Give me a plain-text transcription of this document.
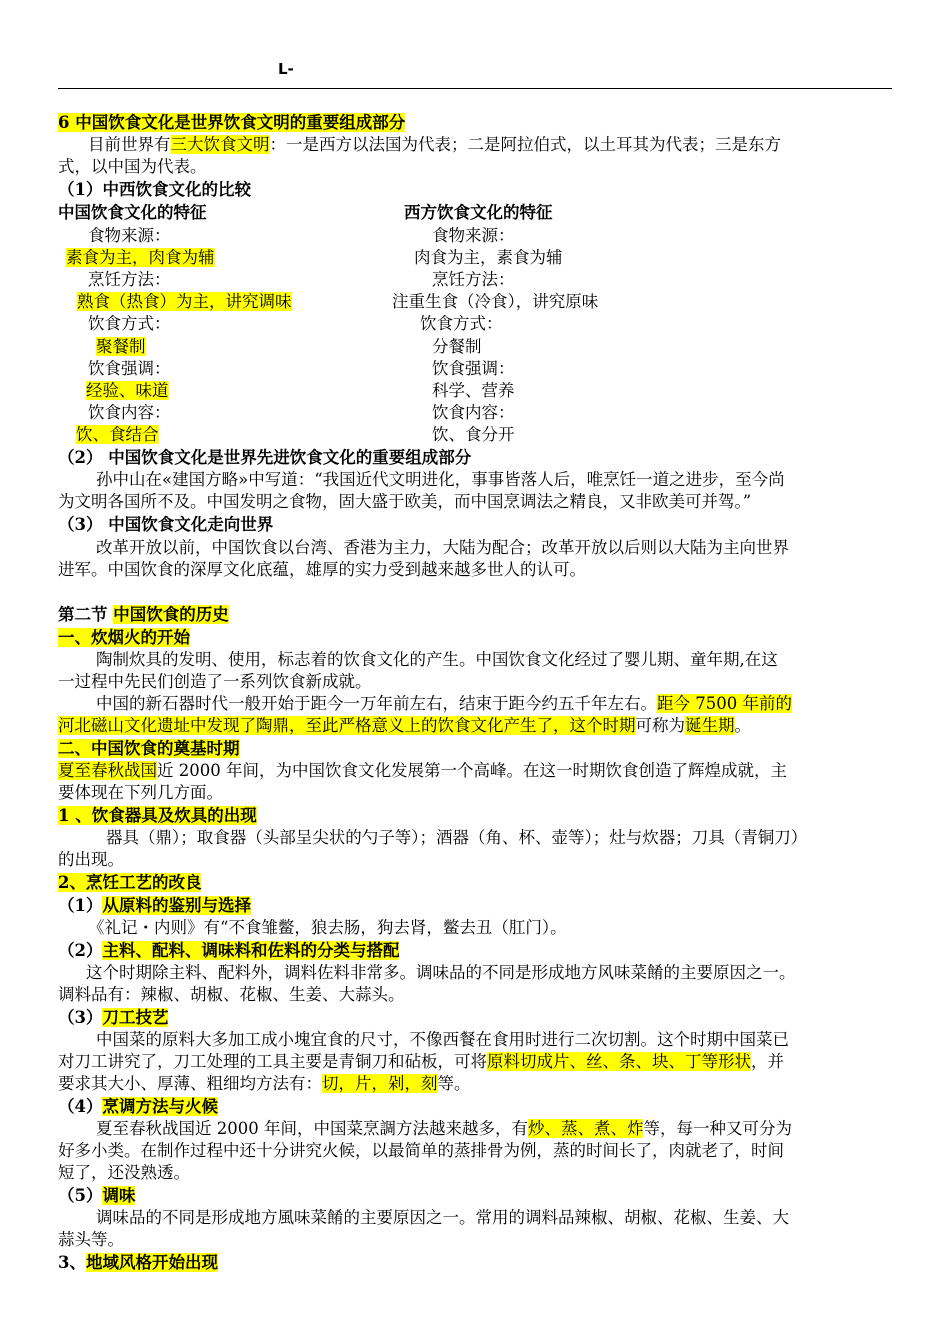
L-
6 中国饮食文化是世界饮食文明的重要组成部分
目前世界有三大饮食文明：一是西方以法国为代表；二是阿拉伯式，以土耳其为代表；三是东方
式，以中国为代表。
（1）中西饮食文化的比较
中国饮食文化的特征	西方饮食文化的特征
食物来源：	食物来源：
素食为主，肉食为辅	肉食为主，素食为辅
烹饪方法：	烹饪方法：
熟食（热食）为主，讲究调味	注重生食（冷食），讲究原味
饮食方式：	饮食方式：
聚餐制	分餐制
饮食强调：	饮食强调：
经验、味道	科学、营养
饮食内容：	饮食内容：
饮、食结合	饮、食分开
（2） 中国饮食文化是世界先进饮食文化的重要组成部分
孙中山在«建国方略»中写道：“我国近代文明进化，事事皆落人后，唯烹饪一道之进步，至今尚
为文明各国所不及。中国发明之食物，固大盛于欧美，而中国烹调法之精良，又非欧美可并驾。”
（3） 中国饮食文化走向世界
改革开放以前，中国饮食以台湾、香港为主力，大陆为配合；改革开放以后则以大陆为主向世界
进军。中国饮食的深厚文化底蕴，雄厚的实力受到越来越多世人的认可。
第二节 中国饮食的历史
一、炊烟火的开始
陶制炊具的发明、使用，标志着的饮食文化的产生。中国饮食文化经过了婴儿期、童年期,在这
一过程中先民们创造了一系列饮食新成就。
中国的新石器时代一般开始于距今一万年前左右，结束于距今约五千年左右。距今 7500 年前的
河北磁山文化遗址中发现了陶鼎，至此严格意义上的饮食文化产生了，这个时期可称为诞生期。
二、中国饮食的奠基时期
夏至春秋战国近 2000 年间，为中国饮食文化发展第一个高峰。在这一时期饮食创造了辉煌成就，主
要体现在下列几方面。
1 、饮食器具及炊具的出现
器具（鼎）；取食器（头部呈尖状的勺子等）；酒器（角、杯、壶等）；灶与炊器；刀具（青铜刀）
的出现。
2、烹饪工艺的改良
（1）从原料的鉴别与选择
《礼记・内则》有“不食雏鳖，狼去肠，狗去肾，鳖去丑（肛门）。
（2）主料、配料、调味料和佐料的分类与搭配
这个时期除主料、配料外，调料佐料非常多。调味品的不同是形成地方风味菜餚的主要原因之一。
调料品有：辣椒、胡椒、花椒、生姜、大蒜头。
（3）刀工技艺
中国菜的原料大多加工成小塊宜食的尺寸，不像西餐在食用时进行二次切割。这个时期中国菜已
对刀工讲究了，刀工处理的工具主要是青铜刀和砧板，可将原料切成片、丝、条、块、丁等形状，并
要求其大小、厚薄、粗细均方法有：切，片，剁，刻等。
（4）烹调方法与火候
夏至春秋战国近 2000 年间，中国菜烹調方法越来越多，有炒、蒸、煮、炸等，每一种又可分为
好多小类。在制作过程中还十分讲究火候，以最简单的蒸排骨为例，蒸的时间长了，肉就老了，时间
短了，还没熟透。
（5）调味
调味品的不同是形成地方風味菜餚的主要原因之一。常用的调料品辣椒、胡椒、花椒、生姜、大
蒜头等。
3、地域风格开始出现
